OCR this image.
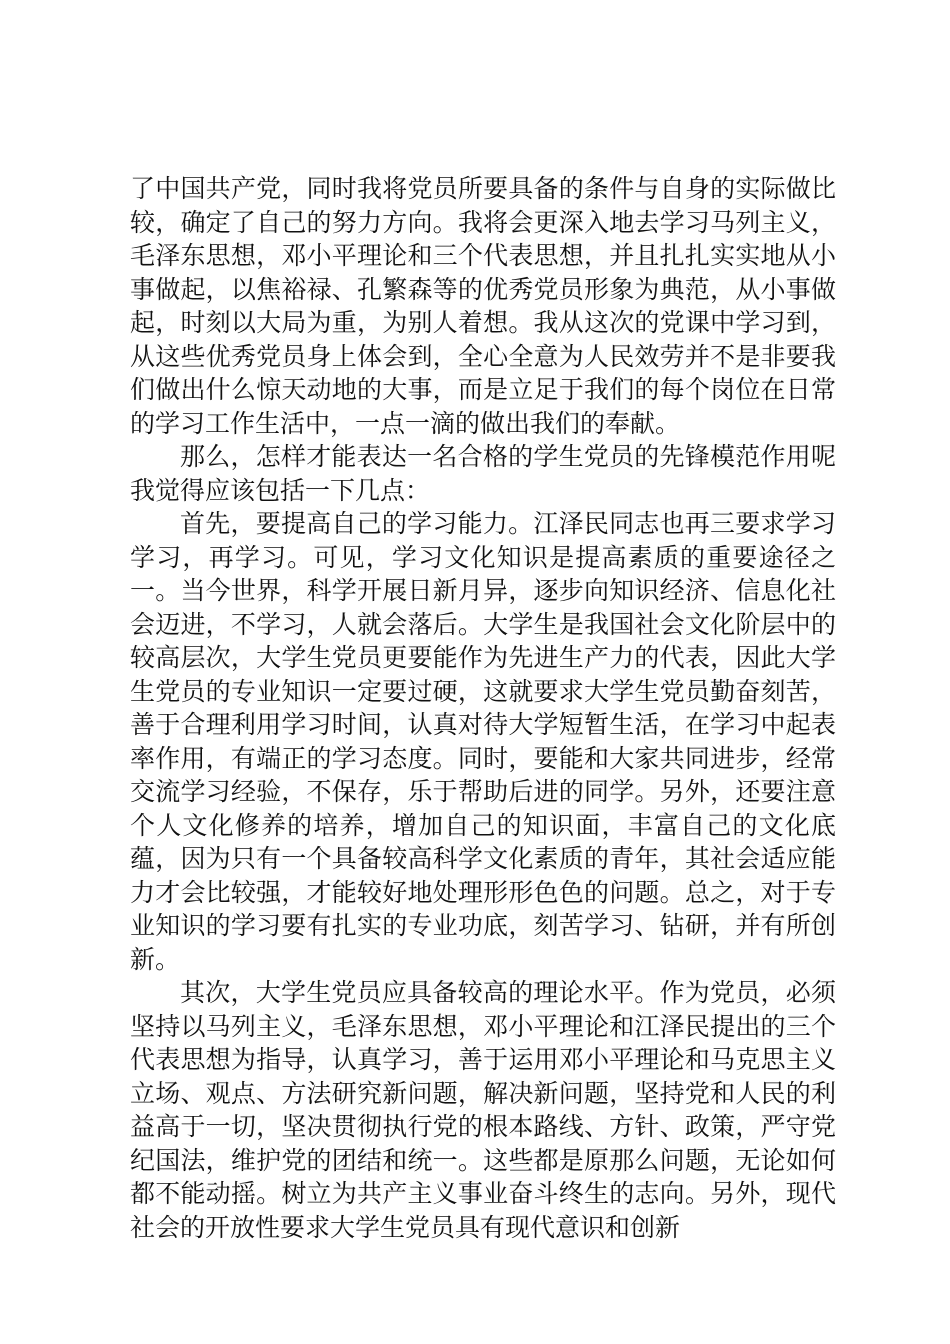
了中国共产党，同时我将党员所要具备的条件与自身的实际做比较，确定了自己的努力方向。我将会更深入地去学习马列主义，毛泽东思想，邓小平理论和三个代表思想，并且扎扎实实地从小事做起，以焦裕禄、孔繁森等的优秀党员形象为典范，从小事做起，时刻以大局为重，为别人着想。我从这次的党课中学习到，从这些优秀党员身上体会到，全心全意为人民效劳并不是非要我们做出什么惊天动地的大事，而是立足于我们的每个岗位在日常的学习工作生活中，一点一滴的做出我们的奉献。

那么，怎样才能表达一名合格的学生党员的先锋模范作用呢我觉得应该包括一下几点：

首先，要提高自己的学习能力。江泽民同志也再三要求学习学习，再学习。可见，学习文化知识是提高素质的重要途径之一。当今世界，科学开展日新月异，逐步向知识经济、信息化社会迈进，不学习，人就会落后。大学生是我国社会文化阶层中的较高层次，大学生党员更要能作为先进生产力的代表，因此大学生党员的专业知识一定要过硬，这就要求大学生党员勤奋刻苦，善于合理利用学习时间，认真对待大学短暂生活，在学习中起表率作用，有端正的学习态度。同时，要能和大家共同进步，经常交流学习经验，不保存，乐于帮助后进的同学。另外，还要注意个人文化修养的培养，增加自己的知识面，丰富自己的文化底蕴，因为只有一个具备较高科学文化素质的青年，其社会适应能力才会比较强，才能较好地处理形形色色的问题。总之，对于专业知识的学习要有扎实的专业功底，刻苦学习、钻研，并有所创新。

其次，大学生党员应具备较高的理论水平。作为党员，必须坚持以马列主义，毛泽东思想，邓小平理论和江泽民提出的三个代表思想为指导，认真学习，善于运用邓小平理论和马克思主义立场、观点、方法研究新问题，解决新问题，坚持党和人民的利益高于一切，坚决贯彻执行党的根本路线、方针、政策，严守党纪国法，维护党的团结和统一。这些都是原那么问题，无论如何都不能动摇。树立为共产主义事业奋斗终生的志向。另外，现代社会的开放性要求大学生党员具有现代意识和创新
